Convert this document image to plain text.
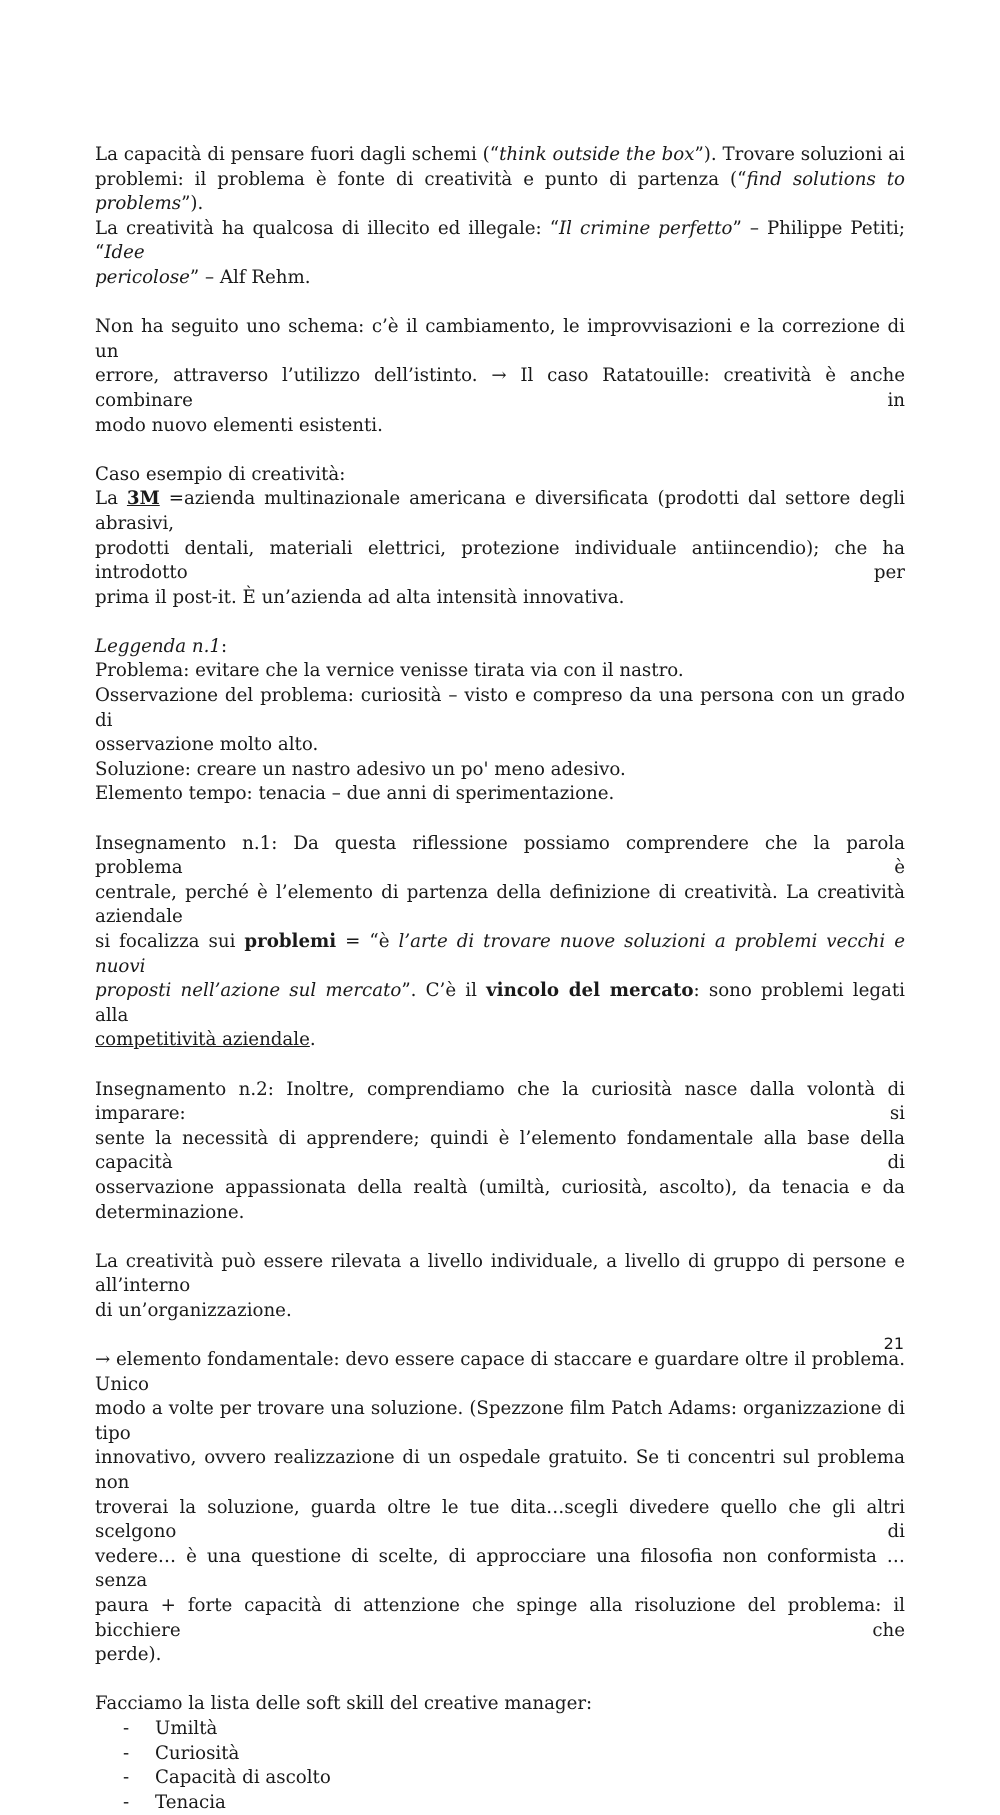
La capacità di pensare fuori dagli schemi (“think outside the box”). Trovare soluzioni ai
problemi: il problema è fonte di creatività e punto di partenza (“find solutions to problems”).
La creatività ha qualcosa di illecito ed illegale: “Il crimine perfetto” – Philippe Petiti; “Idee
pericolose” – Alf Rehm.

Non ha seguito uno schema: c’è il cambiamento, le improvvisazioni e la correzione di un
errore, attraverso l’utilizzo dell’istinto. → Il caso Ratatouille: creatività è anche combinare in
modo nuovo elementi esistenti.

Caso esempio di creatività:
La 3M =azienda multinazionale americana e diversificata (prodotti dal settore degli abrasivi,
prodotti dentali, materiali elettrici, protezione individuale antiincendio); che ha introdotto per
prima il post-it. È un’azienda ad alta intensità innovativa.

Leggenda n.1:
Problema: evitare che la vernice venisse tirata via con il nastro.
Osservazione del problema: curiosità – visto e compreso da una persona con un grado di
osservazione molto alto.
Soluzione: creare un nastro adesivo un po' meno adesivo.
Elemento tempo: tenacia – due anni di sperimentazione.

Insegnamento n.1: Da questa riflessione possiamo comprendere che la parola problema è
centrale, perché è l’elemento di partenza della definizione di creatività. La creatività aziendale
si focalizza sui problemi = “è l’arte di trovare nuove soluzioni a problemi vecchi e nuovi
proposti nell’azione sul mercato”. C’è il vincolo del mercato: sono problemi legati alla
competitività aziendale.

Insegnamento n.2: Inoltre, comprendiamo che la curiosità nasce dalla volontà di imparare: si
sente la necessità di apprendere; quindi è l’elemento fondamentale alla base della capacità di
osservazione appassionata della realtà (umiltà, curiosità, ascolto), da tenacia e da
determinazione.

La creatività può essere rilevata a livello individuale, a livello di gruppo di persone e all’interno
di un’organizzazione.

→ elemento fondamentale: devo essere capace di staccare e guardare oltre il problema. Unico
modo a volte per trovare una soluzione. (Spezzone film Patch Adams: organizzazione di tipo
innovativo, ovvero realizzazione di un ospedale gratuito. Se ti concentri sul problema non
troverai la soluzione, guarda oltre le tue dita…scegli divedere quello che gli altri scelgono di
vedere… è una questione di scelte, di approcciare una filosofia non conformista … senza
paura + forte capacità di attenzione che spinge alla risoluzione del problema: il bicchiere che
perde).

Facciamo la lista delle soft skill del creative manager:

- Umiltà
- Curiosità
- Capacità di ascolto
- Tenacia
21
